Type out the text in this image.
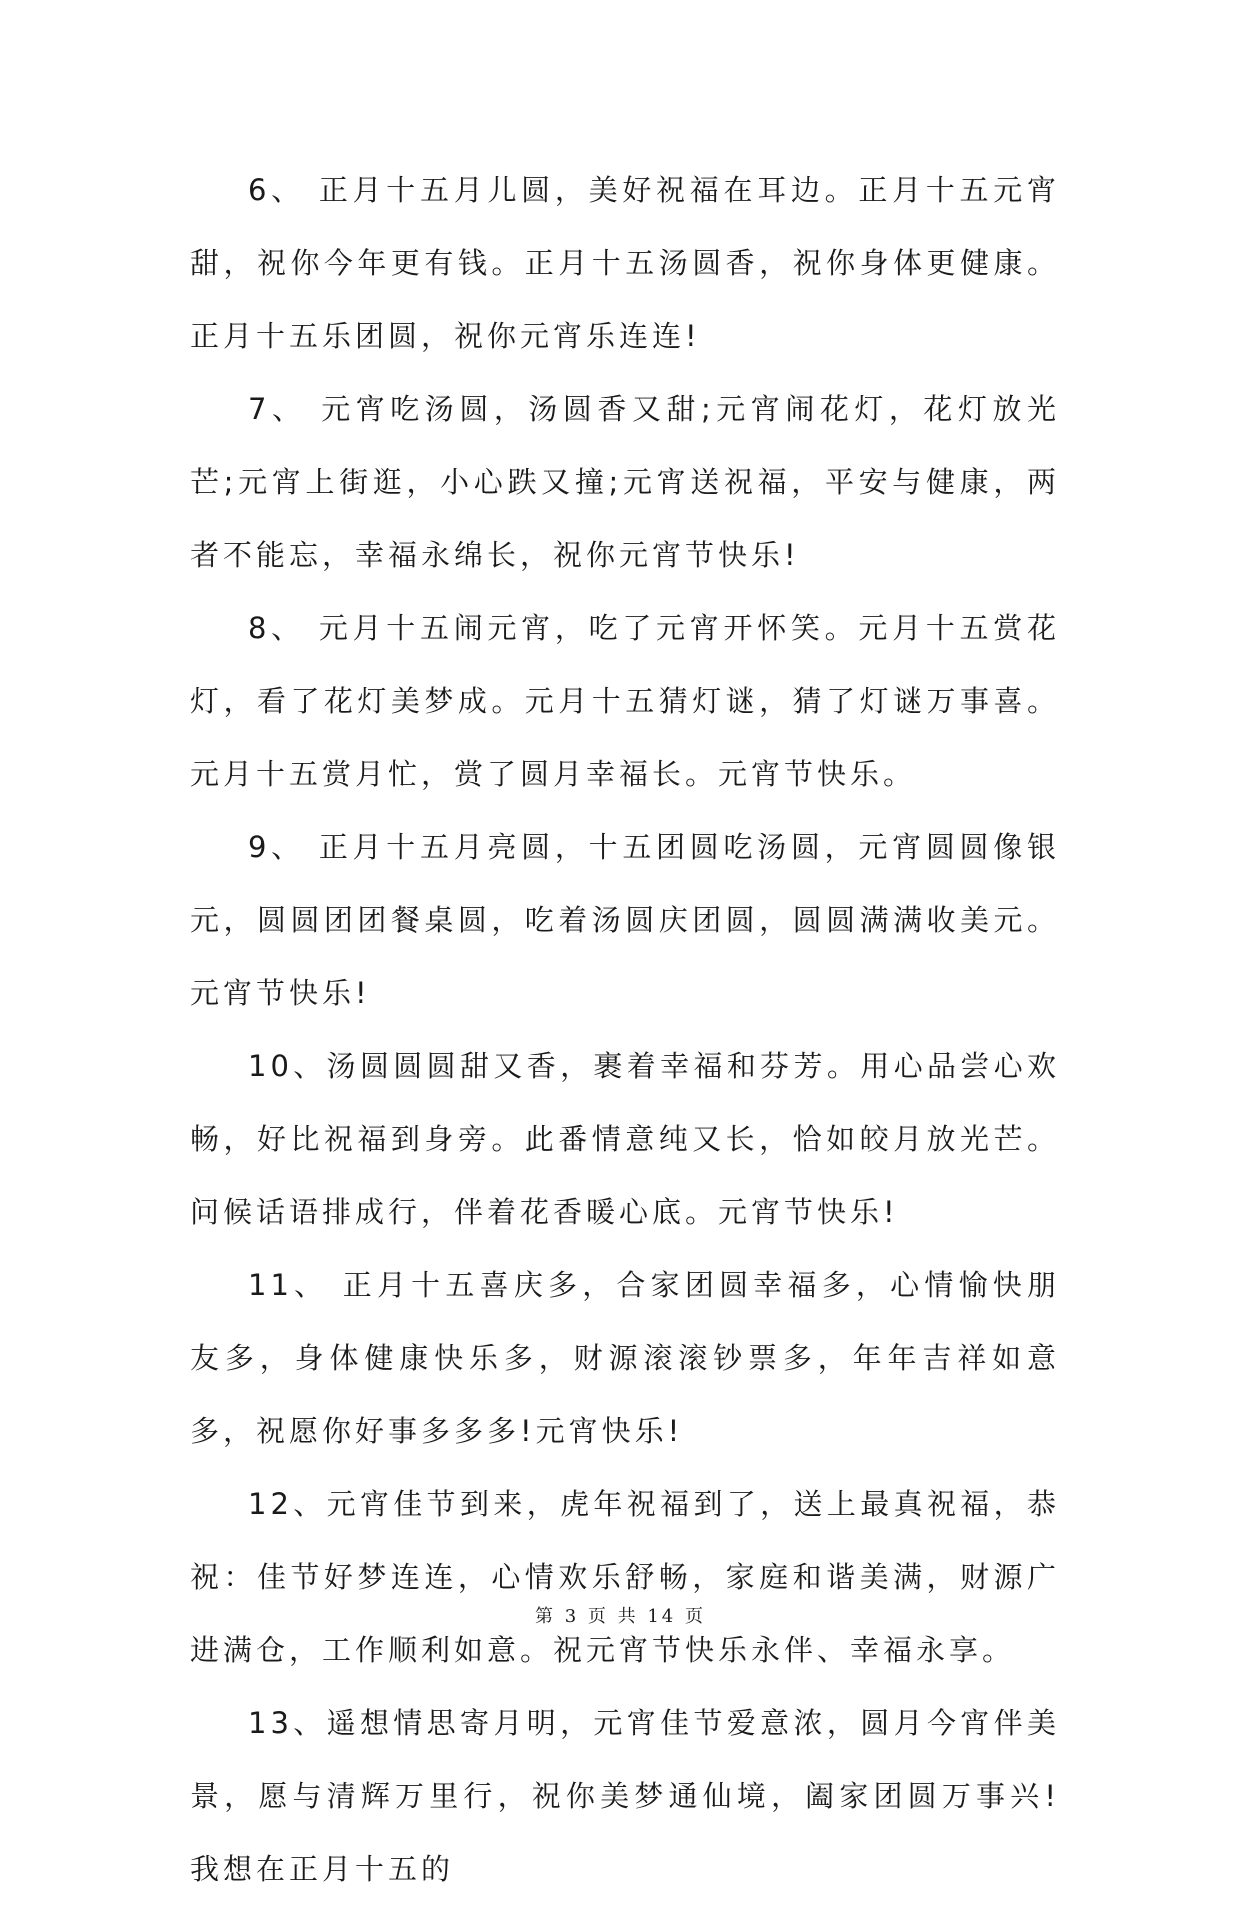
6、 正月十五月儿圆，美好祝福在耳边。正月十五元宵甜，祝你今年更有钱。正月十五汤圆香，祝你身体更健康。正月十五乐团圆，祝你元宵乐连连!

7、 元宵吃汤圆，汤圆香又甜;元宵闹花灯，花灯放光芒;元宵上街逛，小心跌又撞;元宵送祝福，平安与健康，两者不能忘，幸福永绵长，祝你元宵节快乐!

8、 元月十五闹元宵，吃了元宵开怀笑。元月十五赏花灯，看了花灯美梦成。元月十五猜灯谜，猜了灯谜万事喜。元月十五赏月忙，赏了圆月幸福长。元宵节快乐。

9、 正月十五月亮圆，十五团圆吃汤圆，元宵圆圆像银元，圆圆团团餐桌圆，吃着汤圆庆团圆，圆圆满满收美元。元宵节快乐!

10、汤圆圆圆甜又香，裹着幸福和芬芳。用心品尝心欢畅，好比祝福到身旁。此番情意纯又长，恰如皎月放光芒。问候话语排成行，伴着花香暖心底。元宵节快乐!

11、 正月十五喜庆多，合家团圆幸福多，心情愉快朋友多，身体健康快乐多，财源滚滚钞票多，年年吉祥如意多，祝愿你好事多多多!元宵快乐!

12、元宵佳节到来，虎年祝福到了，送上最真祝福，恭祝：佳节好梦连连，心情欢乐舒畅，家庭和谐美满，财源广进满仓，工作顺利如意。祝元宵节快乐永伴、幸福永享。

13、遥想情思寄月明，元宵佳节爱意浓，圆月今宵伴美景，愿与清辉万里行，祝你美梦通仙境，阖家团圆万事兴!我想在正月十五的

第 3 页 共 14 页
